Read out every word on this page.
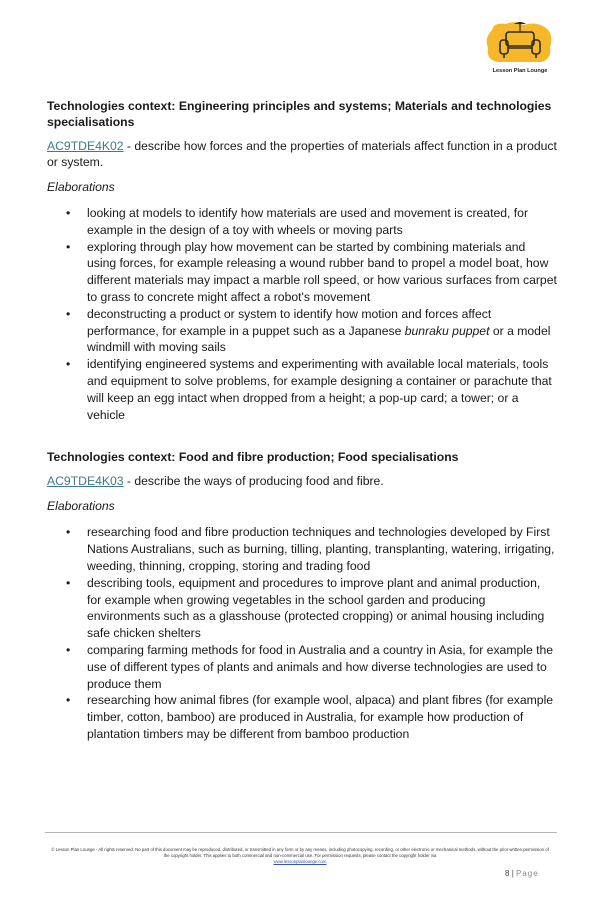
Lesson Plan Lounge

Technologies context: Engineering principles and systems; Materials and technologies specialisations

AC9TDE4K02 - describe how forces and the properties of materials affect function in a product or system.

Elaborations

• looking at models to identify how materials are used and movement is created, for example in the design of a toy with wheels or moving parts
• exploring through play how movement can be started by combining materials and using forces, for example releasing a wound rubber band to propel a model boat, how different materials may impact a marble roll speed, or how various surfaces from carpet to grass to concrete might affect a robot's movement
• deconstructing a product or system to identify how motion and forces affect performance, for example in a puppet such as a Japanese bunraku puppet or a model windmill with moving sails
• identifying engineered systems and experimenting with available local materials, tools and equipment to solve problems, for example designing a container or parachute that will keep an egg intact when dropped from a height; a pop-up card; a tower; or a vehicle

Technologies context: Food and fibre production; Food specialisations

AC9TDE4K03 - describe the ways of producing food and fibre.

Elaborations

• researching food and fibre production techniques and technologies developed by First Nations Australians, such as burning, tilling, planting, transplanting, watering, irrigating, weeding, thinning, cropping, storing and trading food
• describing tools, equipment and procedures to improve plant and animal production, for example when growing vegetables in the school garden and producing environments such as a glasshouse (protected cropping) or animal housing including safe chicken shelters
• comparing farming methods for food in Australia and a country in Asia, for example the use of different types of plants and animals and how diverse technologies are used to produce them
• researching how animal fibres (for example wool, alpaca) and plant fibres (for example timber, cotton, bamboo) are produced in Australia, for example how production of plantation timbers may be different from bamboo production
© Lesson Plan Lounge - All rights reserved. No part of this document may be reproduced, distributed, or transmitted in any form or by any means, including photocopying, recording, or other electronic or mechanical methods, without the prior written permission of the copyright holder. This applies to both commercial and non-commercial use. For permission requests, please contact the copyright holder via
www.lessonplanlounge.com
8 | Page
